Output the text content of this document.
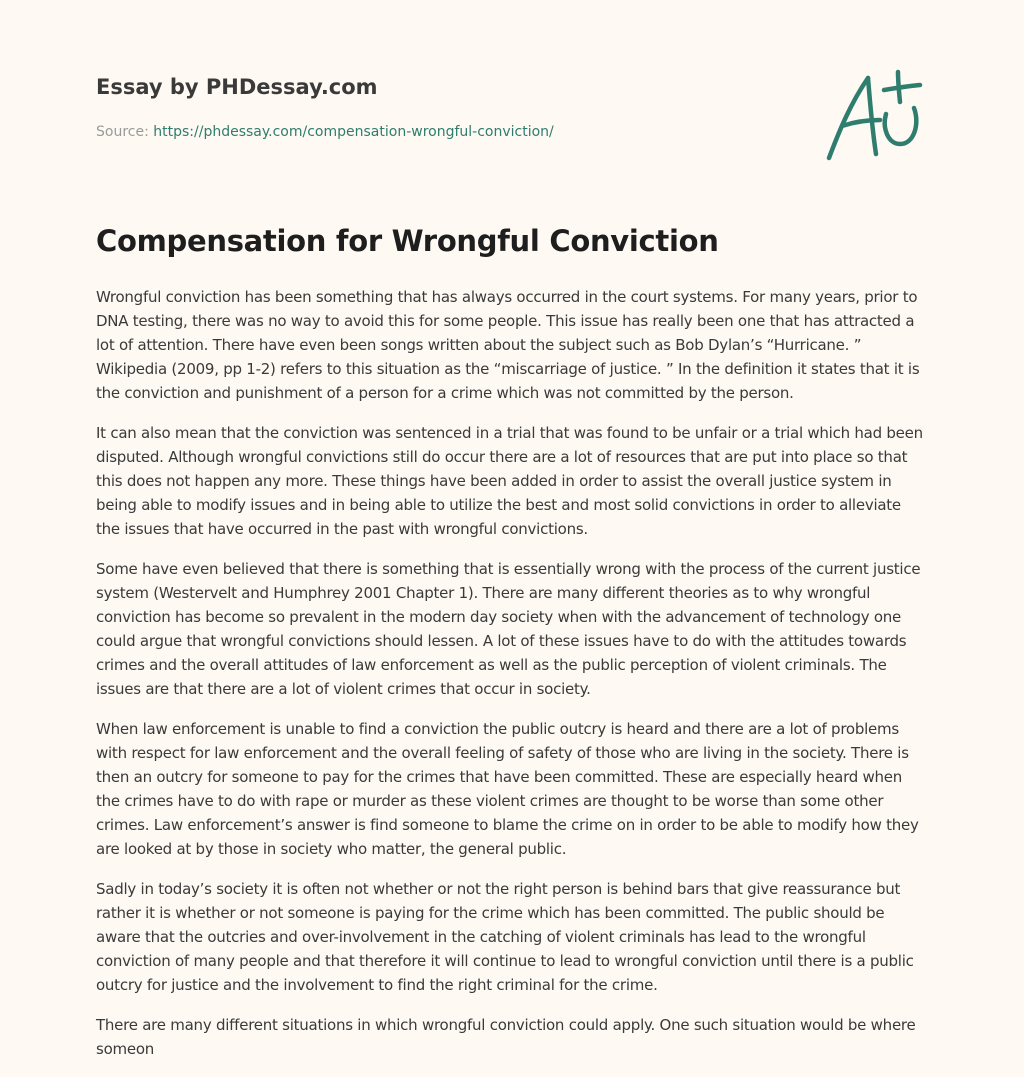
Essay by PHDessay.com
Source: https://phdessay.com/compensation-wrongful-conviction/
Compensation for Wrongful Conviction

Wrongful conviction has been something that has always occurred in the court systems. For many years, prior to DNA testing, there was no way to avoid this for some people. This issue has really been one that has attracted a lot of attention. There have even been songs written about the subject such as Bob Dylan’s “Hurricane. ” Wikipedia (2009, pp 1-2) refers to this situation as the “miscarriage of justice. ” In the definition it states that it is the conviction and punishment of a person for a crime which was not committed by the person.

It can also mean that the conviction was sentenced in a trial that was found to be unfair or a trial which had been disputed. Although wrongful convictions still do occur there are a lot of resources that are put into place so that this does not happen any more. These things have been added in order to assist the overall justice system in being able to modify issues and in being able to utilize the best and most solid convictions in order to alleviate the issues that have occurred in the past with wrongful convictions.

Some have even believed that there is something that is essentially wrong with the process of the current justice system (Westervelt and Humphrey 2001 Chapter 1). There are many different theories as to why wrongful conviction has become so prevalent in the modern day society when with the advancement of technology one could argue that wrongful convictions should lessen. A lot of these issues have to do with the attitudes towards crimes and the overall attitudes of law enforcement as well as the public perception of violent criminals. The issues are that there are a lot of violent crimes that occur in society.

When law enforcement is unable to find a conviction the public outcry is heard and there are a lot of problems with respect for law enforcement and the overall feeling of safety of those who are living in the society. There is then an outcry for someone to pay for the crimes that have been committed. These are especially heard when the crimes have to do with rape or murder as these violent crimes are thought to be worse than some other crimes. Law enforcement’s answer is find someone to blame the crime on in order to be able to modify how they are looked at by those in society who matter, the general public.

Sadly in today’s society it is often not whether or not the right person is behind bars that give reassurance but rather it is whether or not someone is paying for the crime which has been committed. The public should be aware that the outcries and over-involvement in the catching of violent criminals has lead to the wrongful conviction of many people and that therefore it will continue to lead to wrongful conviction until there is a public outcry for justice and the involvement to find the right criminal for the crime.

There are many different situations in which wrongful conviction could apply. One such situation would be where someon
